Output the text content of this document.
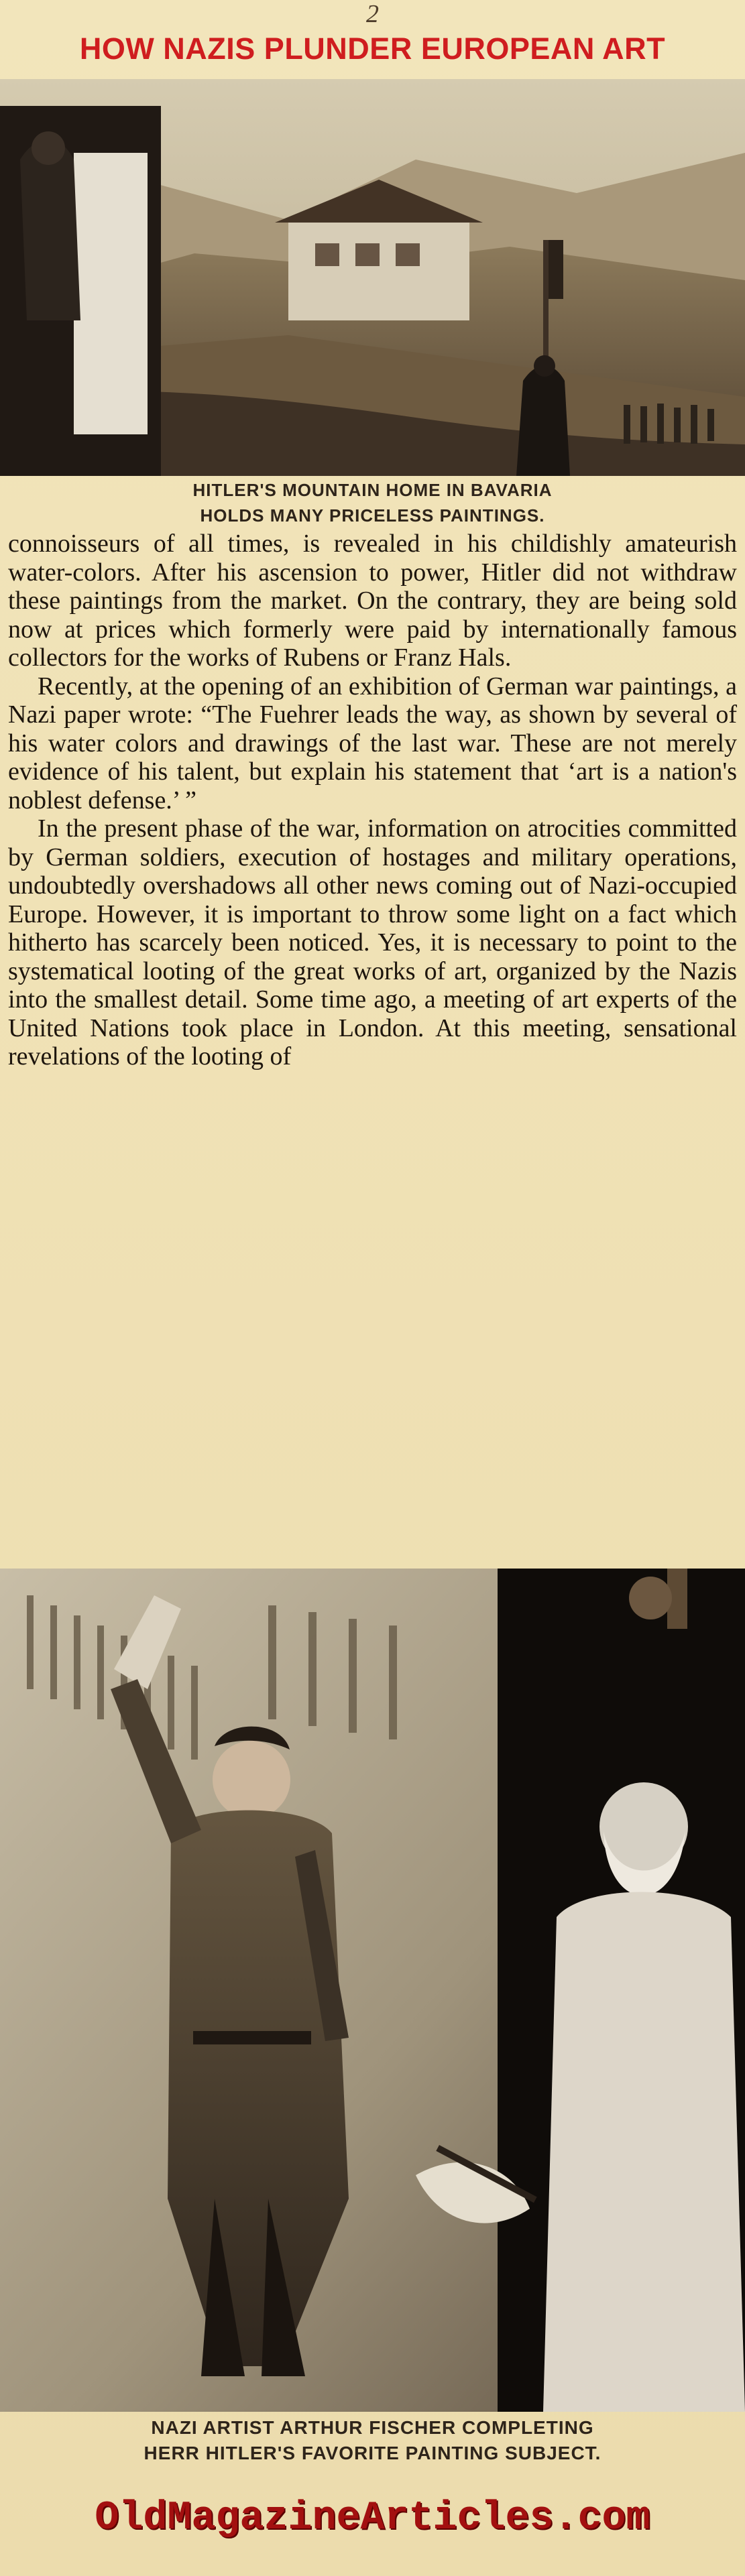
2
HOW NAZIS PLUNDER EUROPEAN ART
HITLER'S MOUNTAIN HOME IN BAVARIA
HOLDS MANY PRICELESS PAINTINGS.

connoisseurs of all times, is revealed in his childishly amateurish water-colors. After his ascension to power, Hitler did not withdraw these paintings from the market. On the contrary, they are being sold now at prices which formerly were paid by internationally famous collectors for the works of Rubens or Franz Hals.

Recently, at the opening of an exhibition of German war paintings, a Nazi paper wrote: “The Fuehrer leads the way, as shown by several of his water colors and drawings of the last war. These are not merely evidence of his talent, but explain his statement that ‘art is a nation's noblest defense.’ ”

In the present phase of the war, information on atrocities committed by German soldiers, execution of hostages and military operations, undoubtedly overshadows all other news coming out of Nazi-occupied Europe. However, it is important to throw some light on a fact which hitherto has scarcely been noticed. Yes, it is necessary to point to the systematical looting of the great works of art, organized by the Nazis into the smallest detail. Some time ago, a meeting of art experts of the United Nations took place in London. At this meeting, sensational revelations of the looting of

NAZI ARTIST ARTHUR FISCHER COMPLETING
HERR HITLER'S FAVORITE PAINTING SUBJECT.
OldMagazineArticles.com
